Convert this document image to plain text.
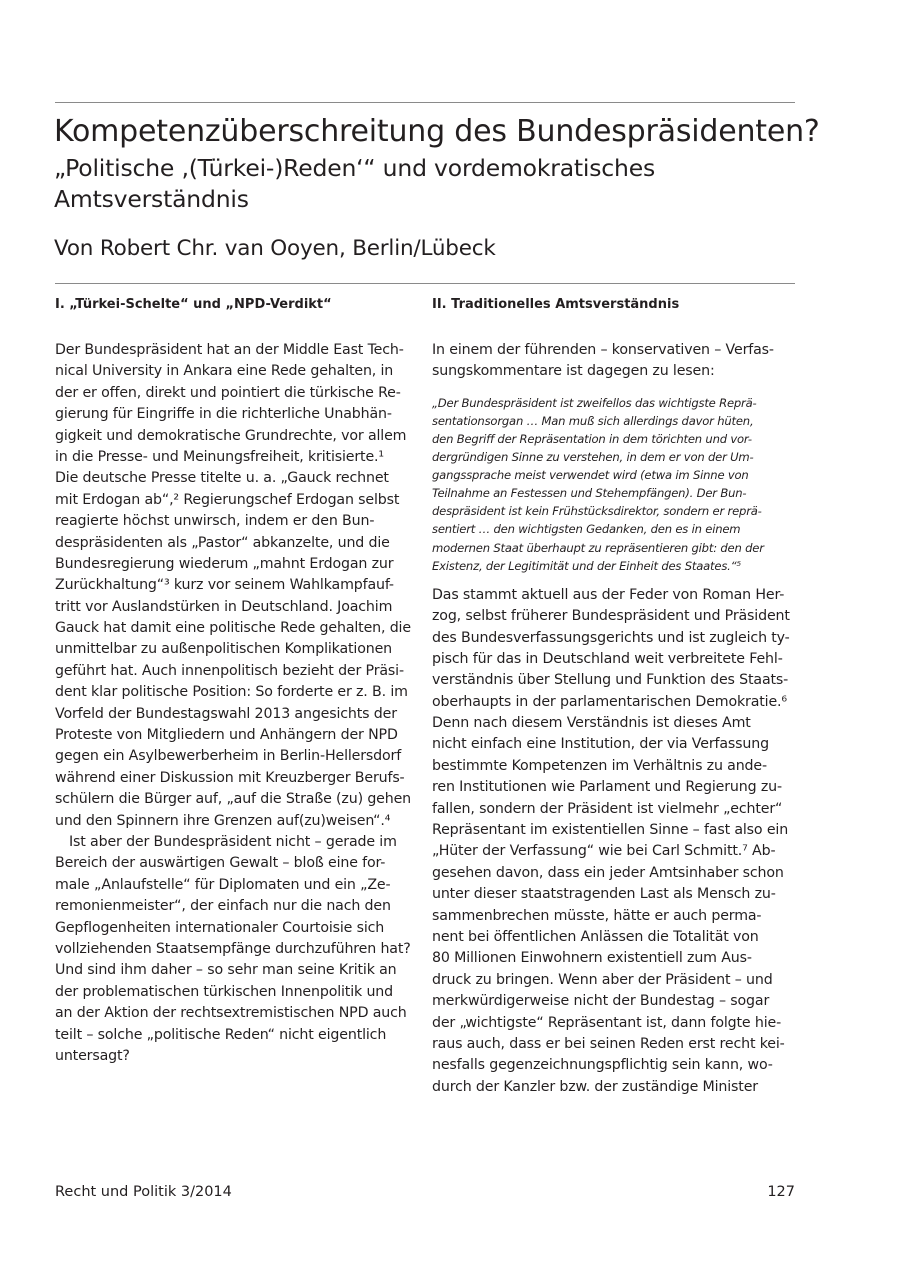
Kompetenzüberschreitung des Bundespräsidenten?
„Politische ‚(Türkei-)Reden‘“ und vordemokratisches
Amtsverständnis

Von Robert Chr. van Ooyen, Berlin/Lübeck

I. „Türkei-Schelte“ und „NPD-Verdikt“
Der Bundespräsident hat an der Middle East Tech-
nical University in Ankara eine Rede gehalten, in
der er offen, direkt und pointiert die türkische Re-
gierung für Eingriffe in die richterliche Unabhän-
gigkeit und demokratische Grundrechte, vor allem
in die Presse- und Meinungsfreiheit, kritisierte.¹
Die deutsche Presse titelte u. a. „Gauck rechnet
mit Erdogan ab“,² Regierungschef Erdogan selbst
reagierte höchst unwirsch, indem er den Bun-
despräsidenten als „Pastor“ abkanzelte, und die
Bundesregierung wiederum „mahnt Erdogan zur
Zurückhaltung“³ kurz vor seinem Wahlkampfauf-
tritt vor Auslandstürken in Deutschland. Joachim
Gauck hat damit eine politische Rede gehalten, die
unmittelbar zu außenpolitischen Komplikationen
geführt hat. Auch innenpolitisch bezieht der Präsi-
dent klar politische Position: So forderte er z. B. im
Vorfeld der Bundestagswahl 2013 angesichts der
Proteste von Mitgliedern und Anhängern der NPD
gegen ein Asylbewerberheim in Berlin-Hellersdorf
während einer Diskussion mit Kreuzberger Berufs-
schülern die Bürger auf, „auf die Straße (zu) gehen
und den Spinnern ihre Grenzen auf(zu)weisen“.⁴
Ist aber der Bundespräsident nicht – gerade im
Bereich der auswärtigen Gewalt – bloß eine for-
male „Anlaufstelle“ für Diplomaten und ein „Ze-
remonienmeister“, der einfach nur die nach den
Gepflogenheiten internationaler Courtoisie sich
vollziehenden Staatsempfänge durchzuführen hat?
Und sind ihm daher – so sehr man seine Kritik an
der problematischen türkischen Innenpolitik und
an der Aktion der rechtsextremistischen NPD auch
teilt – solche „politische Reden“ nicht eigentlich
untersagt?
II. Traditionelles Amtsverständnis
In einem der führenden – konservativen – Verfas-
sungskommentare ist dagegen zu lesen:
„Der Bundespräsident ist zweifellos das wichtigste Reprä-
sentationsorgan … Man muß sich allerdings davor hüten,
den Begriff der Repräsentation in dem törichten und vor-
dergründigen Sinne zu verstehen, in dem er von der Um-
gangssprache meist verwendet wird (etwa im Sinne von
Teilnahme an Festessen und Stehempfängen). Der Bun-
despräsident ist kein Frühstücksdirektor, sondern er reprä-
sentiert … den wichtigsten Gedanken, den es in einem
modernen Staat überhaupt zu repräsentieren gibt: den der
Existenz, der Legitimität und der Einheit des Staates.“⁵
Das stammt aktuell aus der Feder von Roman Her-
zog, selbst früherer Bundespräsident und Präsident
des Bundesverfassungsgerichts und ist zugleich ty-
pisch für das in Deutschland weit verbreitete Fehl-
verständnis über Stellung und Funktion des Staats-
oberhaupts in der parlamentarischen Demokratie.⁶
Denn nach diesem Verständnis ist dieses Amt
nicht einfach eine Institution, der via Verfassung
bestimmte Kompetenzen im Verhältnis zu ande-
ren Institutionen wie Parlament und Regierung zu-
fallen, sondern der Präsident ist vielmehr „echter“
Repräsentant im existentiellen Sinne – fast also ein
„Hüter der Verfassung“ wie bei Carl Schmitt.⁷ Ab-
gesehen davon, dass ein jeder Amtsinhaber schon
unter dieser staatstragenden Last als Mensch zu-
sammenbrechen müsste, hätte er auch perma-
nent bei öffentlichen Anlässen die Totalität von
80 Millionen Einwohnern existentiell zum Aus-
druck zu bringen. Wenn aber der Präsident – und
merkwürdigerweise nicht der Bundestag – sogar
der „wichtigste“ Repräsentant ist, dann folgte hie-
raus auch, dass er bei seinen Reden erst recht kei-
nesfalls gegenzeichnungspflichtig sein kann, wo-
durch der Kanzler bzw. der zuständige Minister
Recht und Politik 3/2014	127
